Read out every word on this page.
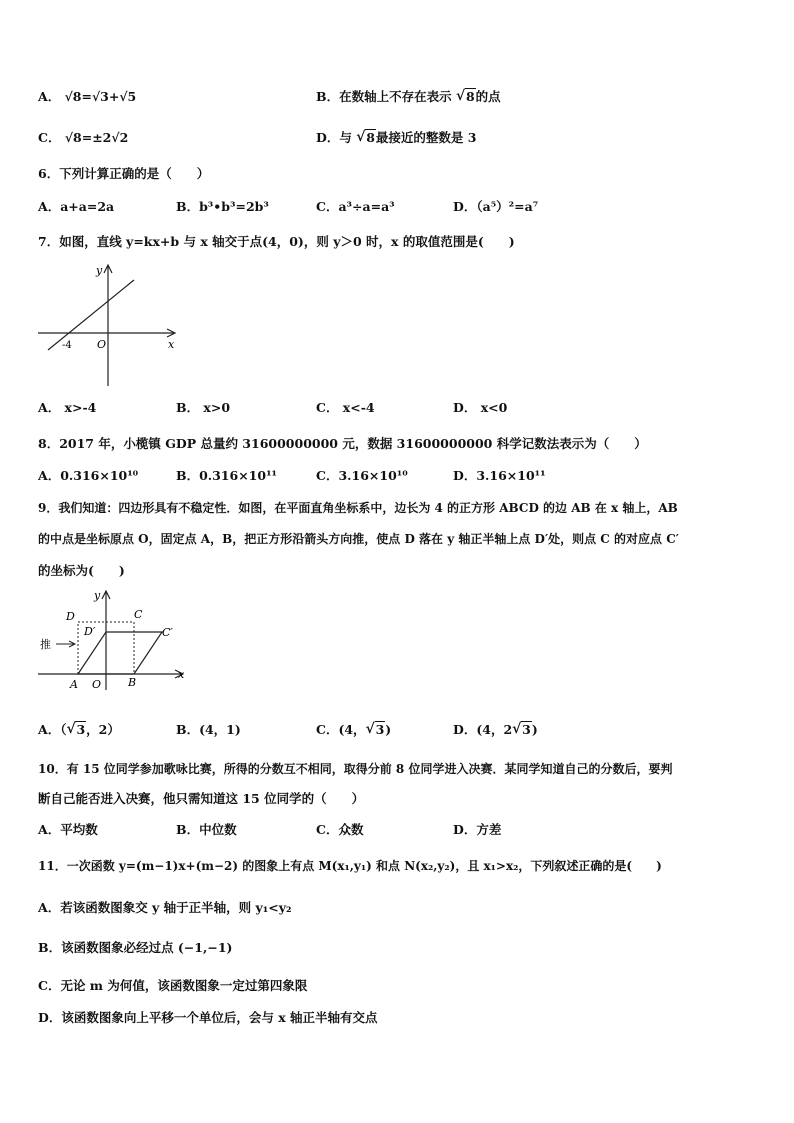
A． √8=√3+√5	B．在数轴上不存在表示 √ 8的点
C． √8=±2√2	D．与 √ 8最接近的整数是 3
6．下列计算正确的是（　　）
A．a+a=2a	B．b³•b³=2b³	C．a³÷a=a³	D．（a⁵）²=a⁷
7．如图，直线 y=kx+b 与 x 轴交于点(4，0)，则 y＞0 时，x 的取值范围是(　　)
y
x
O
-4
A． x>-4	B． x>0	C． x<-4	D． x<0
8．2017 年，小榄镇 GDP 总量约 31600000000 元，数据 31600000000 科学记数法表示为（　　）
A．0.316×10¹⁰	B．0.316×10¹¹	C．3.16×10¹⁰	D．3.16×10¹¹
9．我们知道：四边形具有不稳定性．如图，在平面直角坐标系中，边长为 4 的正方形 ABCD 的边 AB 在 x 轴上，AB
的中点是坐标原点 O，固定点 A，B，把正方形沿箭头方向推，使点 D 落在 y 轴正半轴上点 D′处，则点 C 的对应点 C′
的坐标为(　　)
推
D	C
D′	C′
A O B
x
y
A．（ √ 3，2）	B．(4，1)	C．(4， √ 3)	D．(4，2 √ 3)
10．有 15 位同学参加歌咏比赛，所得的分数互不相同，取得分前 8 位同学进入决赛．某同学知道自己的分数后，要判
断自己能否进入决赛，他只需知道这 15 位同学的（　　）
A．平均数	B．中位数	C．众数	D．方差
11．一次函数 y=(m−1)x+(m−2) 的图象上有点 M(x₁,y₁) 和点 N(x₂,y₂)，且 x₁>x₂，下列叙述正确的是(　　)
A．若该函数图象交 y 轴于正半轴，则 y₁<y₂
B．该函数图象必经过点 (−1,−1)
C．无论 m 为何值，该函数图象一定过第四象限
D．该函数图象向上平移一个单位后，会与 x 轴正半轴有交点
